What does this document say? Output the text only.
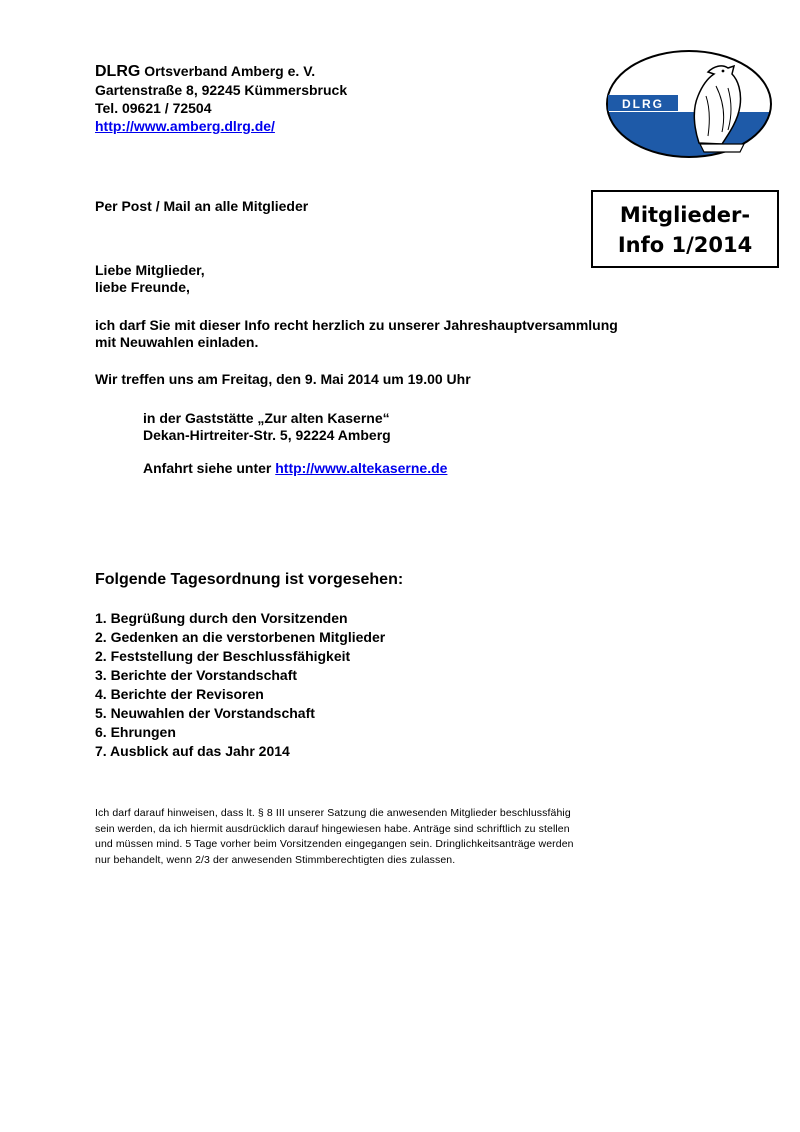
DLRG Ortsverband Amberg e. V.
Gartenstraße 8, 92245 Kümmersbruck
Tel. 09621 / 72504
http://www.amberg.dlrg.de/
DLRG
Mitglieder-
Info 1/2014
Per Post / Mail an alle Mitglieder
Liebe Mitglieder,
liebe Freunde,
ich darf Sie mit dieser Info recht herzlich zu unserer Jahreshauptversammlung
mit Neuwahlen einladen.
Wir treffen uns am Freitag, den 9. Mai 2014 um 19.00 Uhr
in der Gaststätte „Zur alten Kaserne“
Dekan-Hirtreiter-Str. 5, 92224 Amberg
Anfahrt siehe unter http://www.altekaserne.de
Folgende Tagesordnung ist vorgesehen:
1. Begrüßung durch den Vorsitzenden
2. Gedenken an die verstorbenen Mitglieder
2. Feststellung der Beschlussfähigkeit
3. Berichte der Vorstandschaft
4. Berichte der Revisoren
5. Neuwahlen der Vorstandschaft
6. Ehrungen
7. Ausblick auf das Jahr 2014
Ich darf darauf hinweisen, dass lt. § 8 III unserer Satzung die anwesenden Mitglieder beschlussfähig
sein werden, da ich hiermit ausdrücklich darauf hingewiesen habe. Anträge sind schriftlich zu stellen
und müssen mind. 5 Tage vorher beim Vorsitzenden eingegangen sein. Dringlichkeitsanträge werden
nur behandelt, wenn 2/3 der anwesenden Stimmberechtigten dies zulassen.
